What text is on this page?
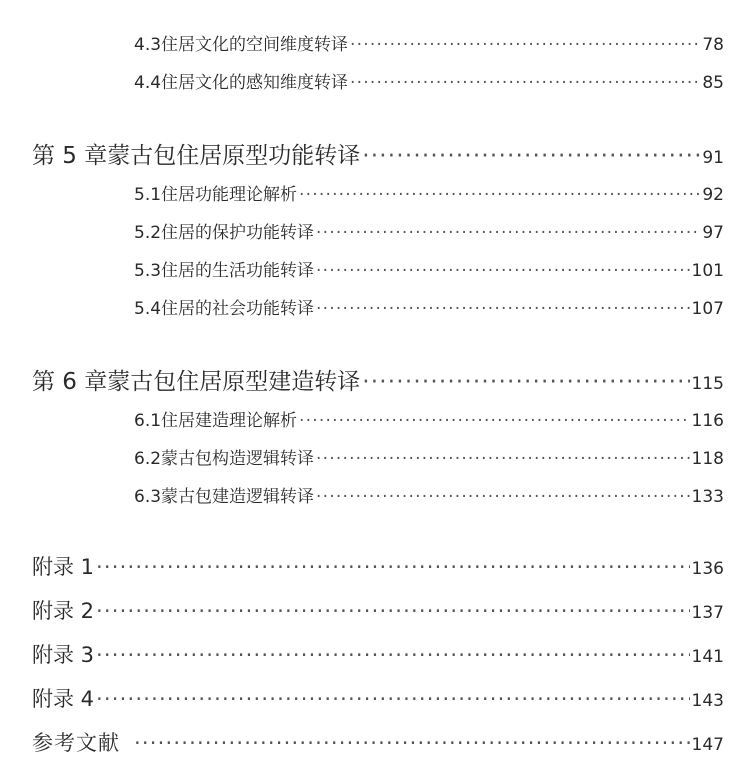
4.3 住居文化的空间维度转译 ·····	78
4.4 住居文化的感知维度转译 ·····	85
第 5 章 蒙古包住居原型功能转译 ·····	91
5.1 住居功能理论解析 ·····	92
5.2 住居的保护功能转译 ·····	97
5.3 住居的生活功能转译 ·····	101
5.4 住居的社会功能转译 ·····	107
第 6 章 蒙古包住居原型建造转译 ·····	115
6.1 住居建造理论解析 ·····	116
6.2 蒙古包构造逻辑转译 ·····	118
6.3 蒙古包建造逻辑转译 ·····	133
附录 1 ·····	136
附录 2 ·····	137
附录 3 ·····	141
附录 4 ·····	143
参考文献 ·····	147
